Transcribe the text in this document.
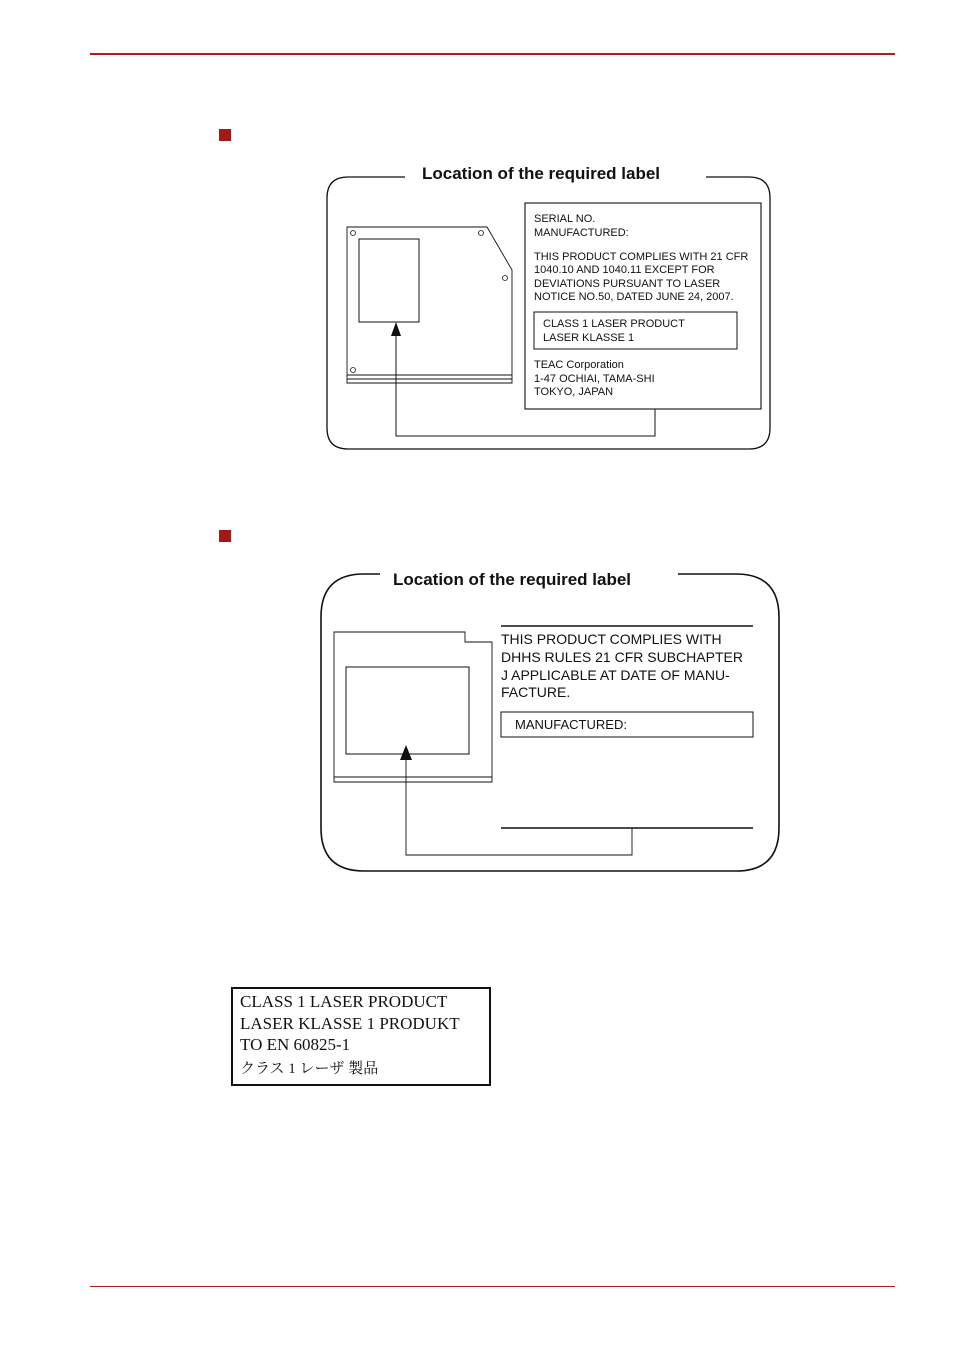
Location of the required label
SERIAL NO.
MANUFACTURED:
THIS PRODUCT COMPLIES WITH 21 CFR
1040.10 AND 1040.11 EXCEPT FOR
DEVIATIONS PURSUANT TO LASER
NOTICE NO.50, DATED JUNE 24, 2007.
CLASS 1 LASER PRODUCT
LASER KLASSE 1
TEAC Corporation
1-47 OCHIAI, TAMA-SHI
TOKYO, JAPAN
Location of the required label
THIS PRODUCT COMPLIES WITH
DHHS RULES 21 CFR SUBCHAPTER
J APPLICABLE AT DATE OF MANU-
FACTURE.
MANUFACTURED:
CLASS 1 LASER PRODUCT
LASER KLASSE 1 PRODUKT
TO EN 60825-1
クラス 1 レーザ 製品
